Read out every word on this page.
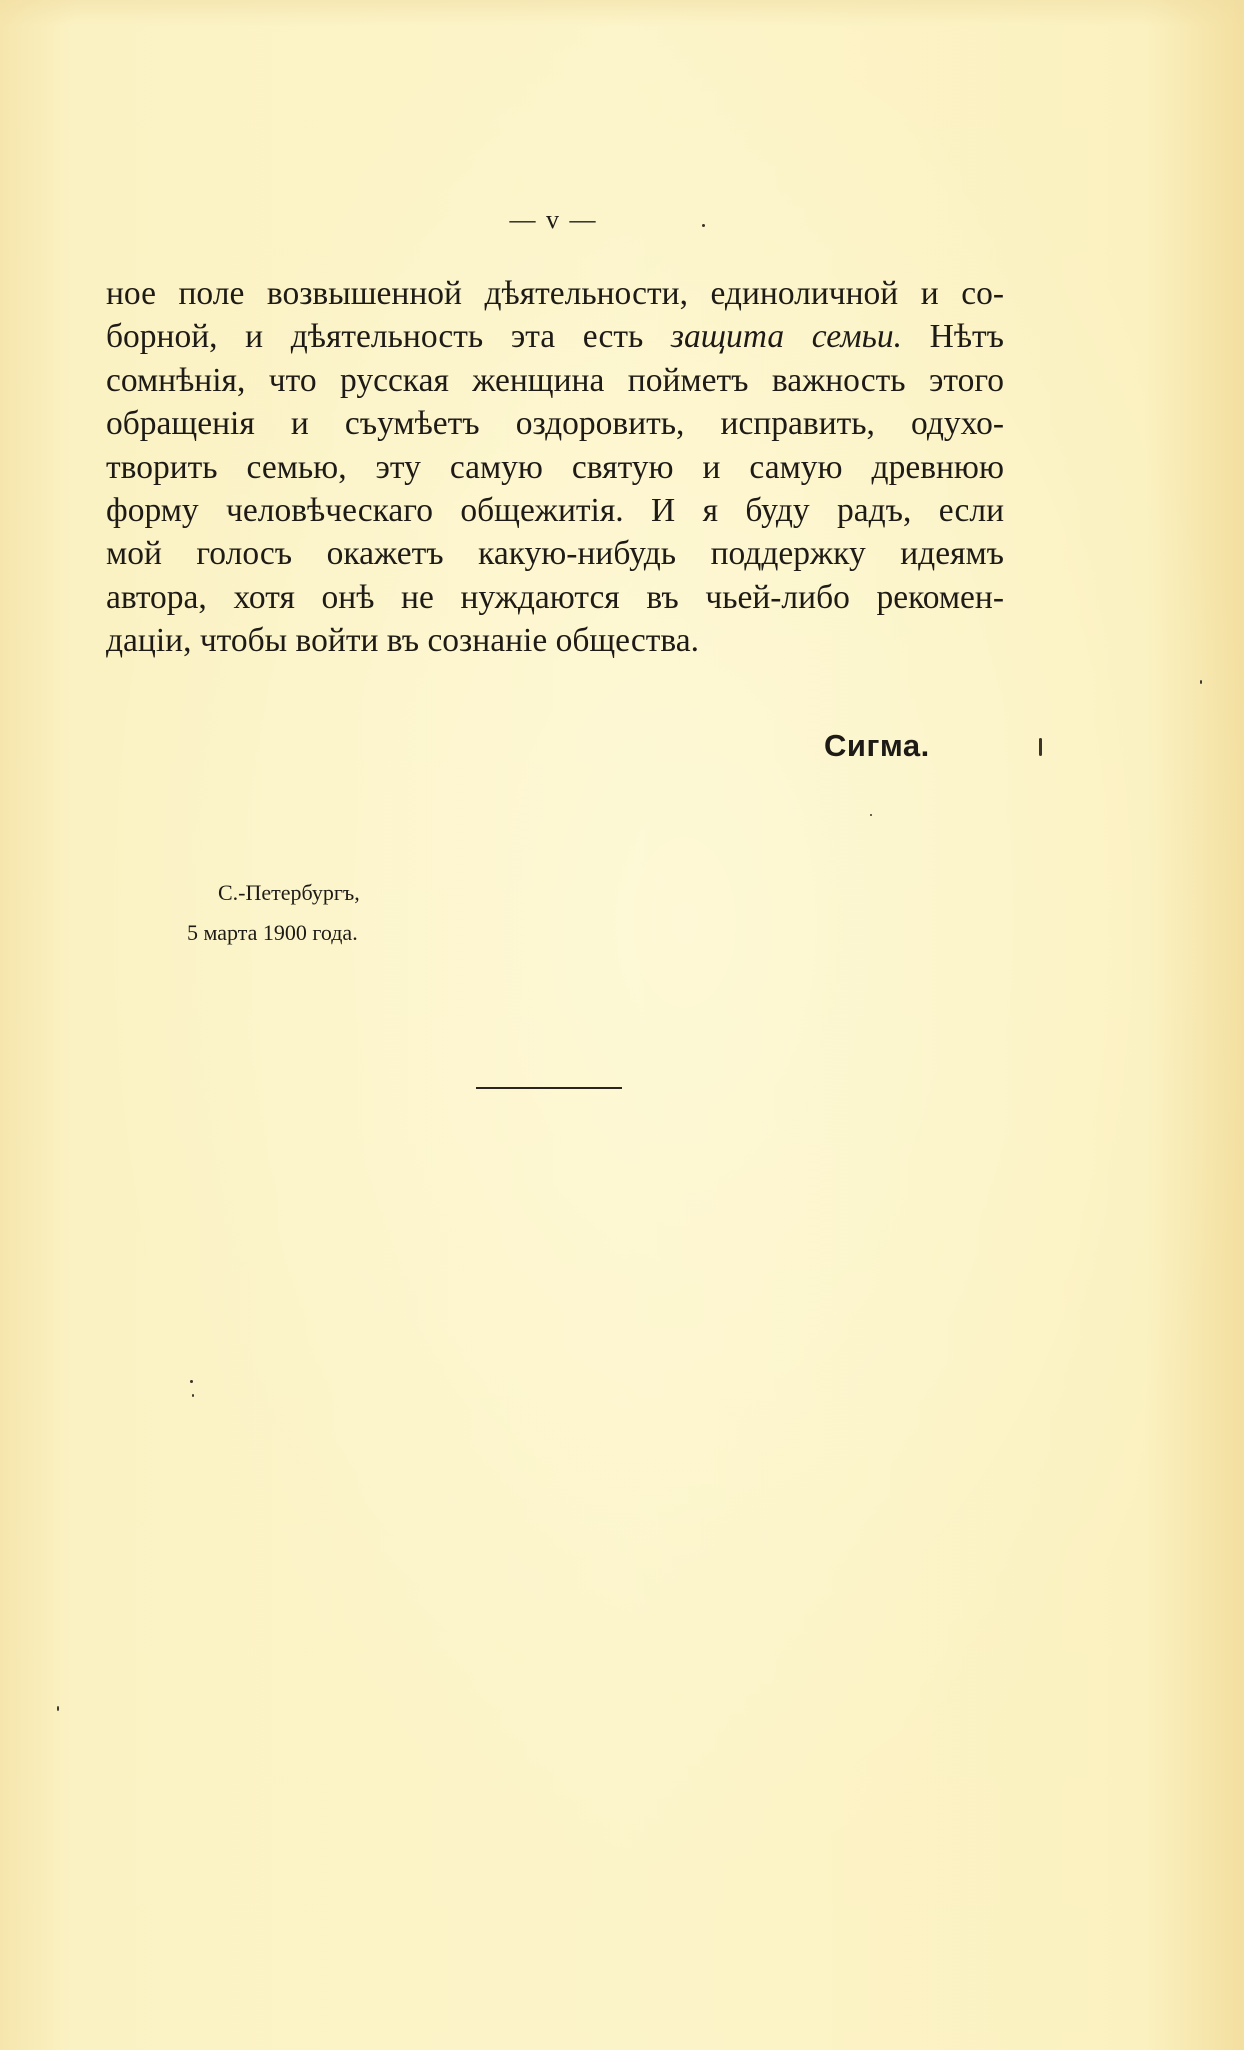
— v —
ное поле возвышенной дѣятельности, единоличной и со-
борной, и дѣятельность эта есть защита семьи. Нѣтъ
сомнѣнія, что русская женщина пойметъ важность этого
обращенія и съумѣетъ оздоровить, исправить, одухо-
творить семью, эту самую святую и самую древнюю
форму человѣческаго общежитія. И я буду радъ, если
мой голосъ окажетъ какую-нибудь поддержку идеямъ
автора, хотя онѣ не нуждаются въ чьей-либо рекомен-
даціи, чтобы войти въ сознаніе общества.
Сигма.
С.-Петербургъ,
5 марта 1900 года.
